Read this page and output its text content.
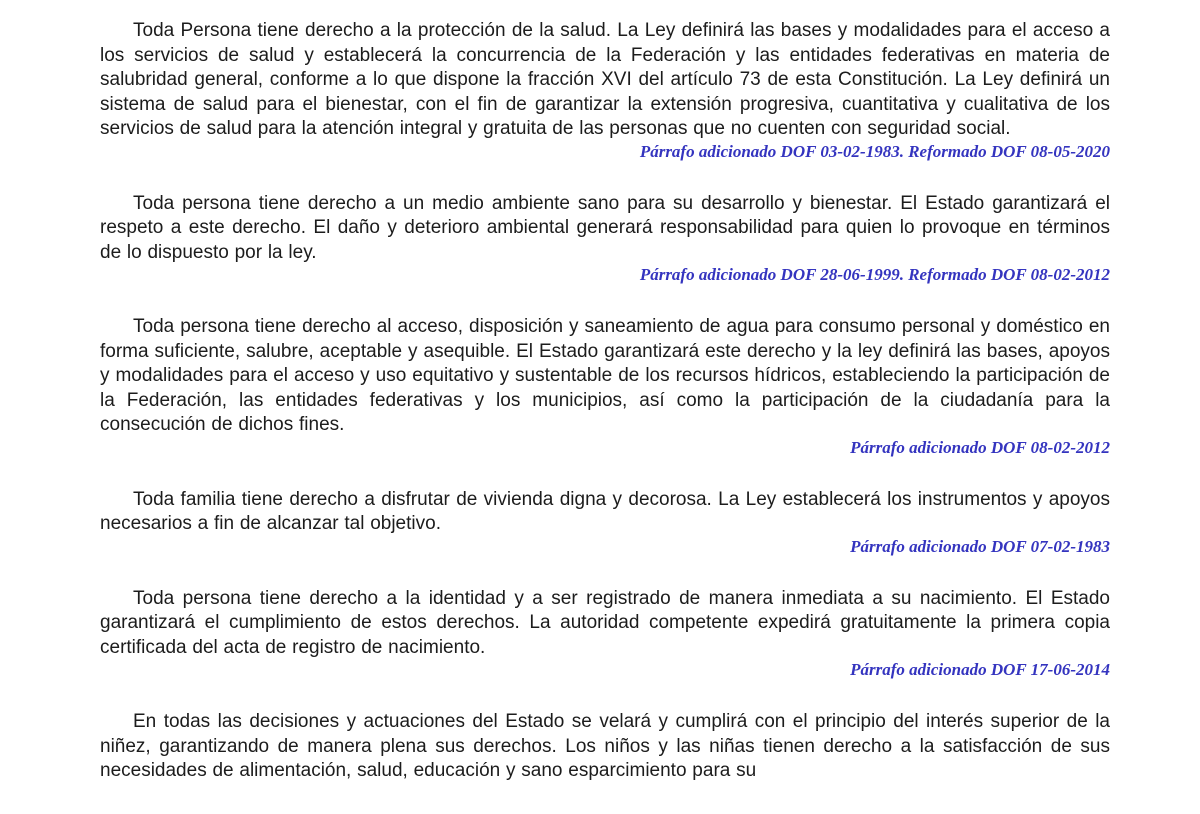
Toda Persona tiene derecho a la protección de la salud. La Ley definirá las bases y modalidades para el acceso a los servicios de salud y establecerá la concurrencia de la Federación y las entidades federativas en materia de salubridad general, conforme a lo que dispone la fracción XVI del artículo 73 de esta Constitución. La Ley definirá un sistema de salud para el bienestar, con el fin de garantizar la extensión progresiva, cuantitativa y cualitativa de los servicios de salud para la atención integral y gratuita de las personas que no cuenten con seguridad social.

Párrafo adicionado DOF 03-02-1983. Reformado DOF 08-05-2020

Toda persona tiene derecho a un medio ambiente sano para su desarrollo y bienestar. El Estado garantizará el respeto a este derecho. El daño y deterioro ambiental generará responsabilidad para quien lo provoque en términos de lo dispuesto por la ley.

Párrafo adicionado DOF 28-06-1999. Reformado DOF 08-02-2012

Toda persona tiene derecho al acceso, disposición y saneamiento de agua para consumo personal y doméstico en forma suficiente, salubre, aceptable y asequible. El Estado garantizará este derecho y la ley definirá las bases, apoyos y modalidades para el acceso y uso equitativo y sustentable de los recursos hídricos, estableciendo la participación de la Federación, las entidades federativas y los municipios, así como la participación de la ciudadanía para la consecución de dichos fines.

Párrafo adicionado DOF 08-02-2012

Toda familia tiene derecho a disfrutar de vivienda digna y decorosa. La Ley establecerá los instrumentos y apoyos necesarios a fin de alcanzar tal objetivo.

Párrafo adicionado DOF 07-02-1983

Toda persona tiene derecho a la identidad y a ser registrado de manera inmediata a su nacimiento. El Estado garantizará el cumplimiento de estos derechos. La autoridad competente expedirá gratuitamente la primera copia certificada del acta de registro de nacimiento.

Párrafo adicionado DOF 17-06-2014

En todas las decisiones y actuaciones del Estado se velará y cumplirá con el principio del interés superior de la niñez, garantizando de manera plena sus derechos. Los niños y las niñas tienen derecho a la satisfacción de sus necesidades de alimentación, salud, educación y sano esparcimiento para su
